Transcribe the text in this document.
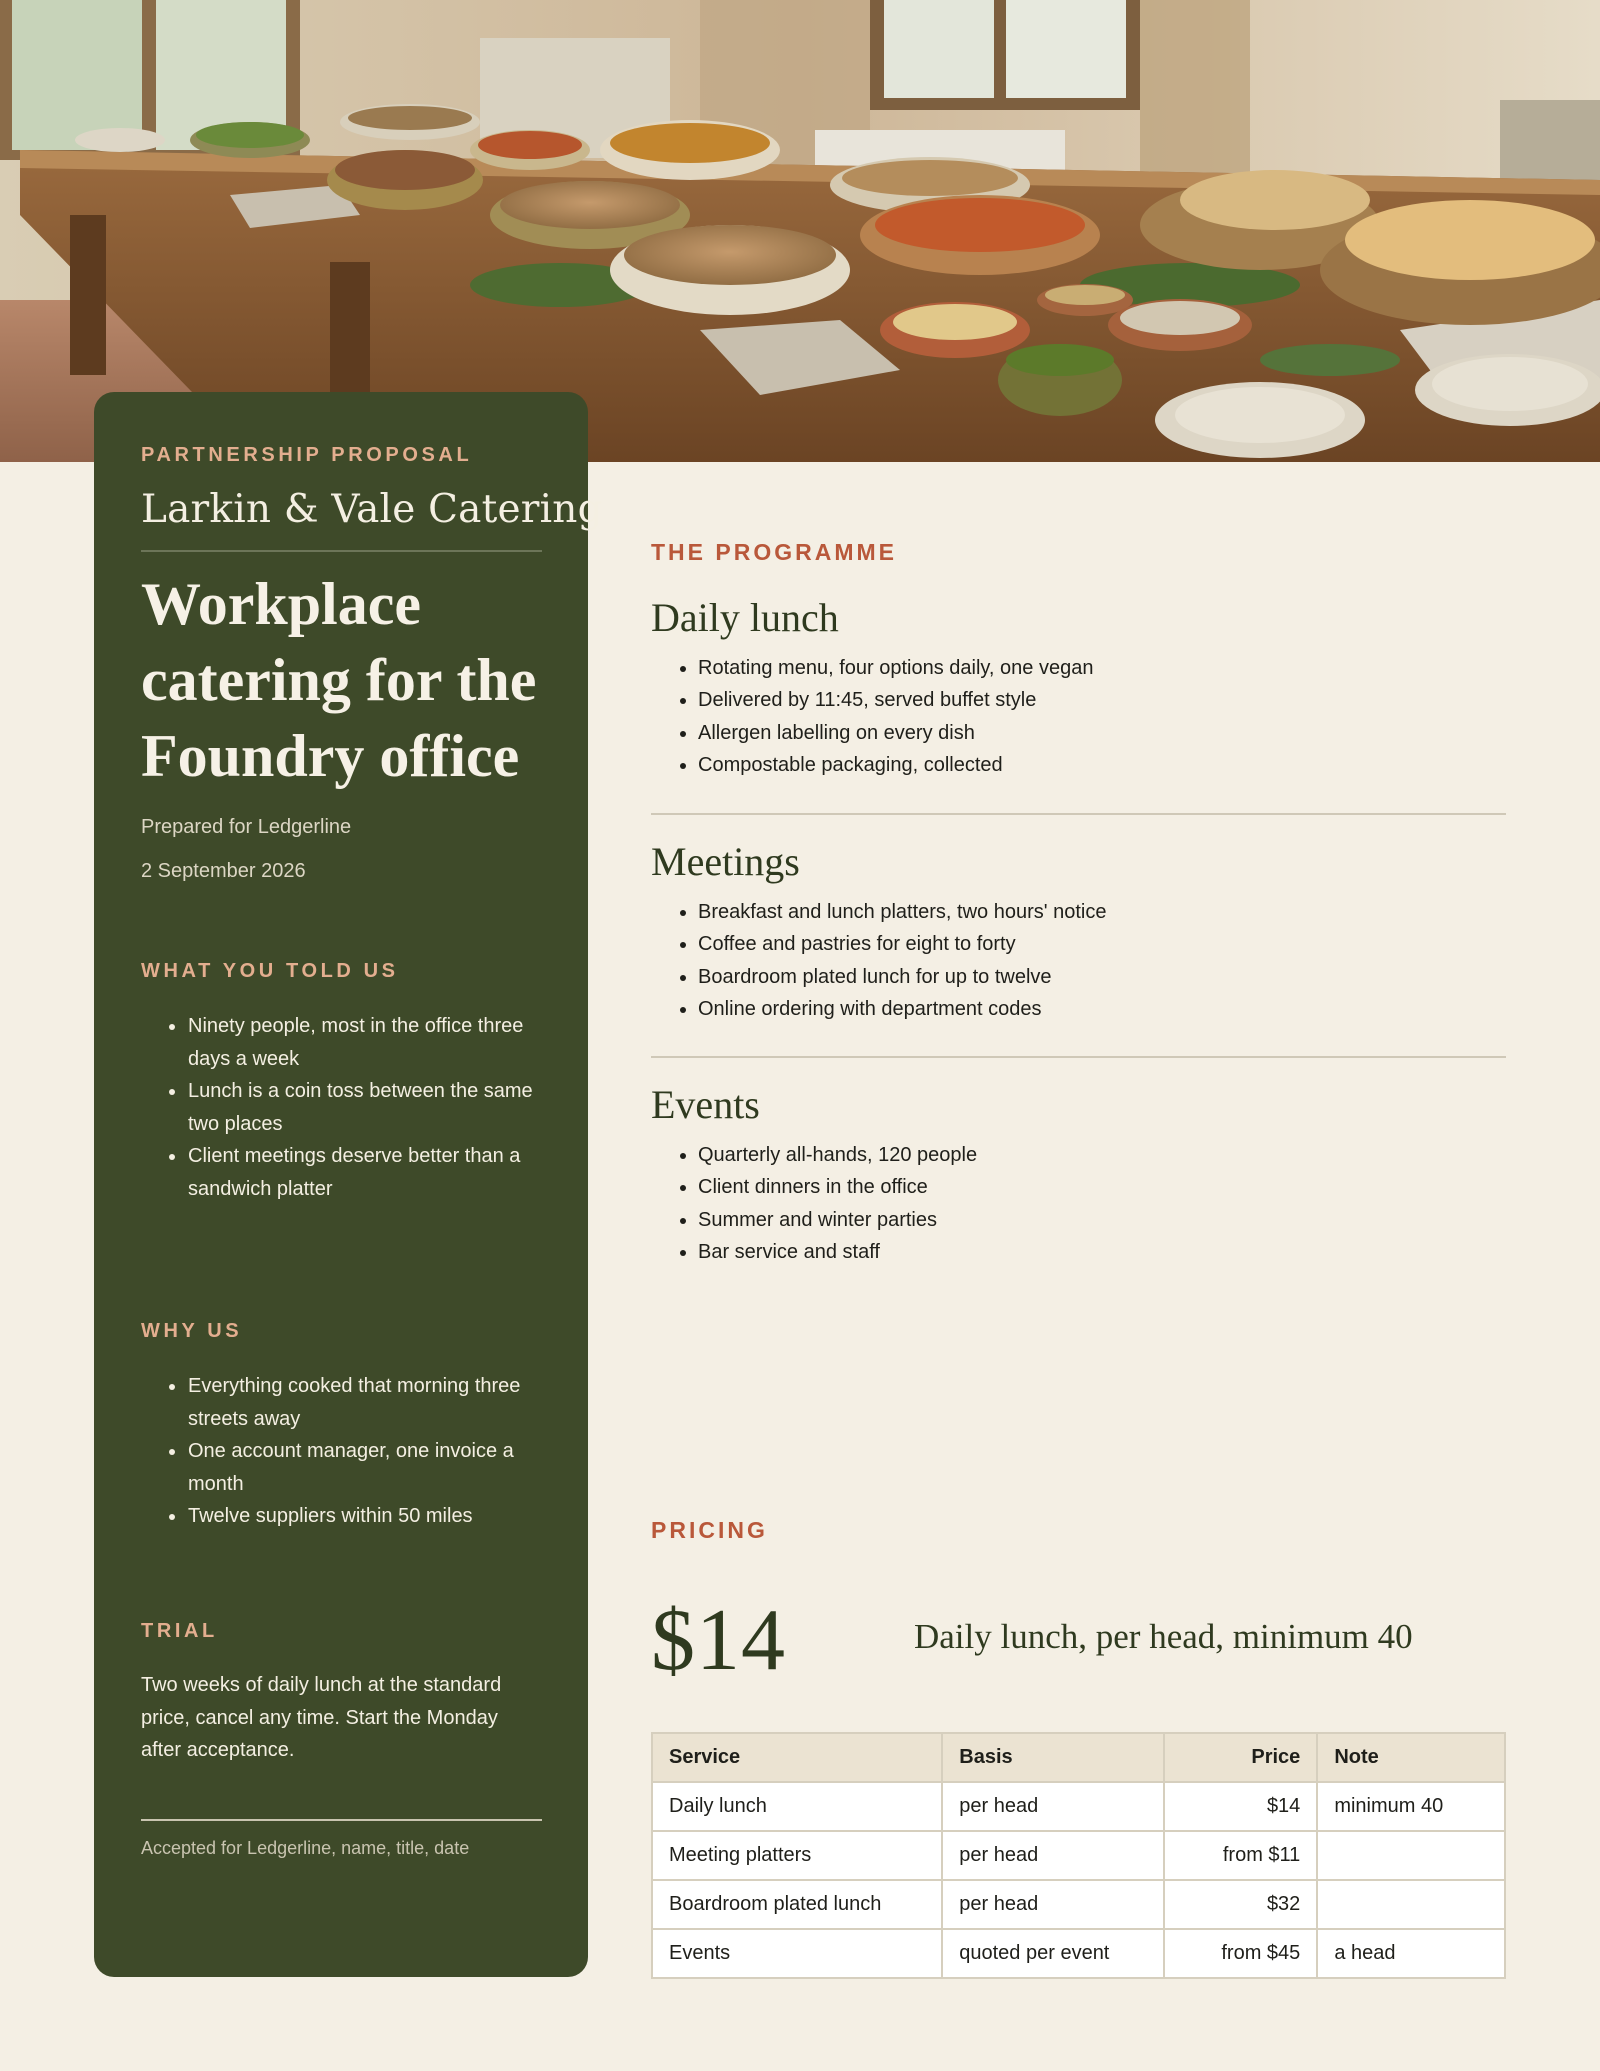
PARTNERSHIP PROPOSAL
Larkin & Vale Catering
Workplace catering for the Foundry office
Prepared for Ledgerline
2 September 2026
WHAT YOU TOLD US
Ninety people, most in the office three days a week
Lunch is a coin toss between the same two places
Client meetings deserve better than a sandwich platter
WHY US
Everything cooked that morning three streets away
One account manager, one invoice a month
Twelve suppliers within 50 miles
TRIAL

Two weeks of daily lunch at the standard price, cancel any time. Start the Monday after acceptance.

Accepted for Ledgerline, name, title, date
THE PROGRAMME
Daily lunch
Rotating menu, four options daily, one vegan
Delivered by 11:45, served buffet style
Allergen labelling on every dish
Compostable packaging, collected
Meetings
Breakfast and lunch platters, two hours' notice
Coffee and pastries for eight to forty
Boardroom plated lunch for up to twelve
Online ordering with department codes
Events
Quarterly all-hands, 120 people
Client dinners in the office
Summer and winter parties
Bar service and staff
PRICING
$14	Daily lunch, per head, minimum 40
Service	Basis	Price	Note
Daily lunch	per head	$14	minimum 40
Meeting platters	per head	from $11	
Boardroom plated lunch	per head	$32	
Events	quoted per event	from $45	a head
